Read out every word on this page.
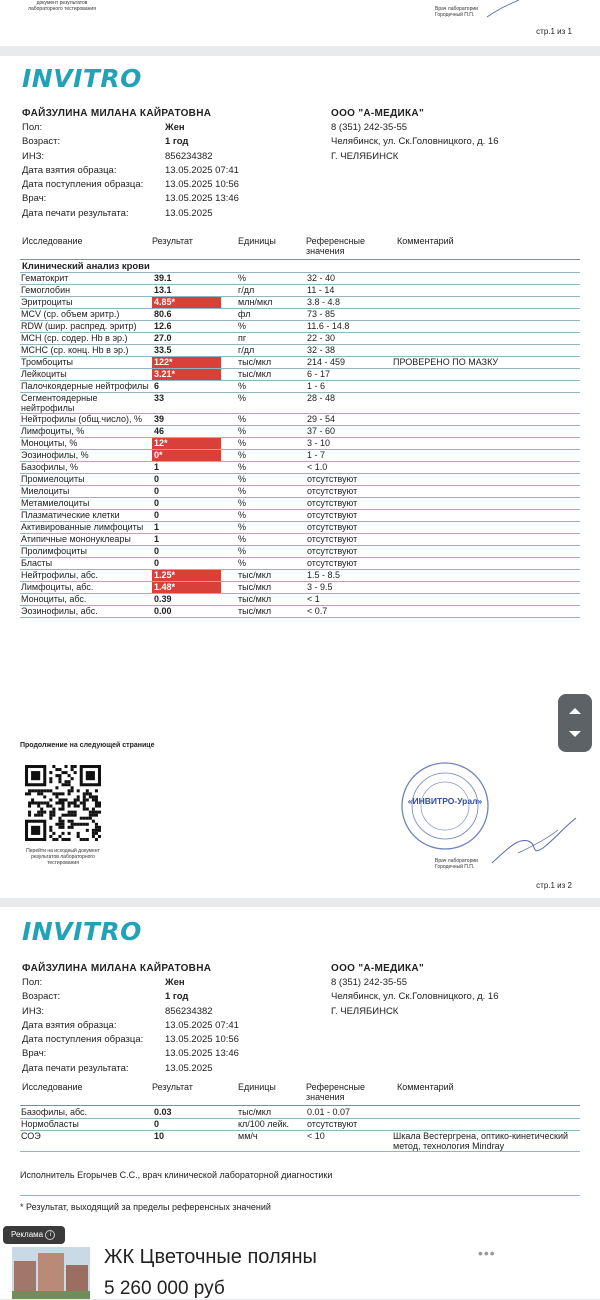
документ результатов лабораторного тестирования	Врач лаборатории Городечный П.П.
стр.1 из 1
INVITRO
ФАЙЗУЛИНА МИЛАНА КАЙРАТОВНА	ООО "А-МЕДИКА"
Пол:	Жен
Возраст:	1 год
ИНЗ:	856234382
Дата взятия образца:	13.05.2025 07:41
Дата поступления образца: 13.05.2025 10:56
Врач:	13.05.2025 13:46
Дата печати результата:	13.05.2025
8 (351) 242-35-55
Челябинск, ул. Ск.Головницкого, д. 16
Г. ЧЕЛЯБИНСК
Исследование	Результат	Единицы	Референсные
значения
Комментарий
Клинический анализ крови
Гематокрит	39.1	%	32 - 40	
Гемоглобин	13.1	г/дл	11 - 14	
Эритроциты	4.85*	млн/мкл	3.8 - 4.8	
MCV (ср. объем эритр.)	80.6	фл	73 - 85	
RDW (шир. распред. эритр)	12.6	%	11.6 - 14.8	
MCH (ср. содер. Hb в эр.)	27.0	пг	22 - 30	
MCHC (ср. конц. Hb в эр.)	33.5	г/дл	32 - 38	
Тромбоциты	122*	тыс/мкл	214 - 459	ПРОВЕРЕНО ПО МАЗКУ
Лейкоциты	3.21*	тыс/мкл	6 - 17	
Палочкоядерные нейтрофилы	6	%	1 - 6	
Сегментоядерные нейтрофилы	33	%	28 - 48	
Нейтрофилы (общ.число), %	39	%	29 - 54	
Лимфоциты, %	46	%	37 - 60	
Моноциты, %	12*	%	3 - 10	
Эозинофилы, %	0*	%	1 - 7	
Базофилы, %	1	%	< 1.0	
Промиелоциты	0	%	отсутствуют	
Миелоциты	0	%	отсутствуют	
Метамиелоциты	0	%	отсутствуют	
Плазматические клетки	0	%	отсутствуют	
Активированные лимфоциты	1	%	отсутствуют	
Атипичные мононуклеары	1	%	отсутствуют	
Пролимфоциты	0	%	отсутствуют	
Бласты	0	%	отсутствуют	
Нейтрофилы, абс.	1.25*	тыс/мкл	1.5 - 8.5	
Лимфоциты, абс.	1.48*	тыс/мкл	3 - 9.5	
Моноциты, абс.	0.39	тыс/мкл	< 1	
Эозинофилы, абс.	0.00	тыс/мкл	< 0.7	
Продолжение на следующей странице
Перейти на исходный документ результатов лабораторного тестирования
«ИНВИТРО-Урал»
Врач лаборатории Городечный П.П.
стр.1 из 2
INVITRO
ФАЙЗУЛИНА МИЛАНА КАЙРАТОВНА	ООО "А-МЕДИКА"
Пол:	Жен
Возраст:	1 год
ИНЗ:	856234382
Дата взятия образца:	13.05.2025 07:41
Дата поступления образца: 13.05.2025 10:56
Врач:	13.05.2025 13:46
Дата печати результата:	13.05.2025
8 (351) 242-35-55
Челябинск, ул. Ск.Головницкого, д. 16
Г. ЧЕЛЯБИНСК
Исследование	Результат	Единицы	Референсные
значения
Комментарий
Базофилы, абс.	0.03	тыс/мкл	0.01 - 0.07	
Нормобласты	0	кл/100 лейк.	отсутствуют	
СОЭ	10	мм/ч	< 10	Шкала Вестергрена, оптико-кинетический метод, технология Mindray
Исполнитель Егорычев С.С., врач клинической лабораторной диагностики
* Результат, выходящий за пределы референсных значений
ЖК Цветочные поляны
5 260 000 руб
•••
Реклама i
